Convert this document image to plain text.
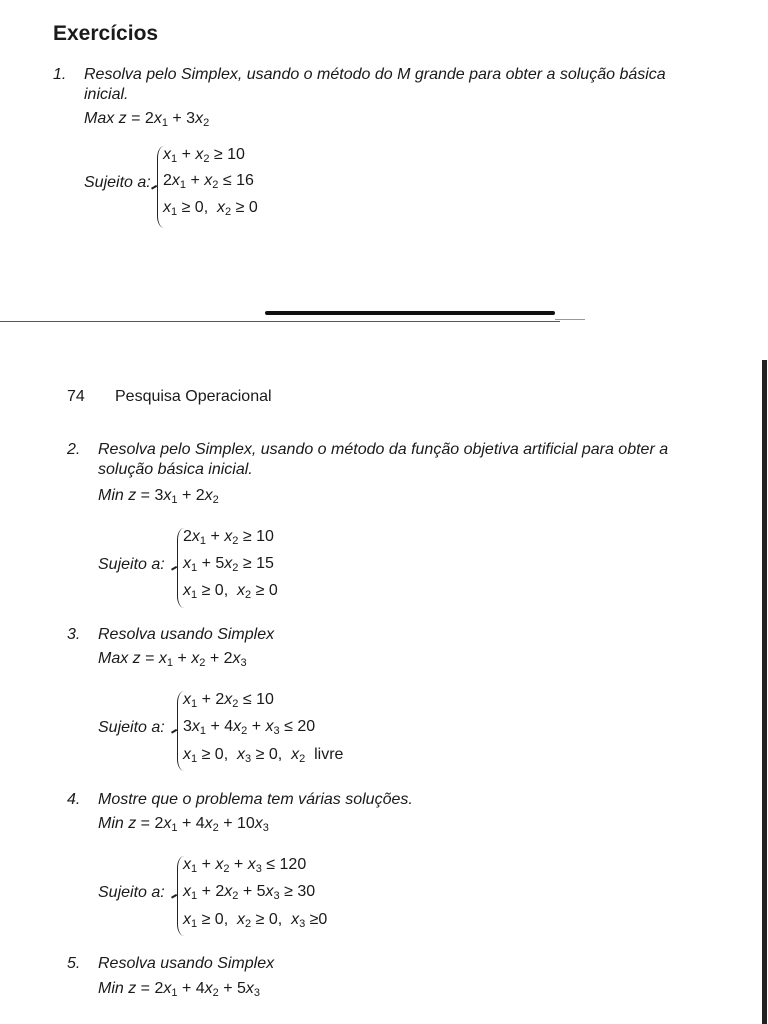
Exercícios
1. Resolva pelo Simplex, usando o método do M grande para obter a solução básica
inicial.
Max $z = 2x_1 + 3x_2$
Sujeito a:
$x_1 + x_2 \ge 10$
$2x_1 + x_2 \le 16$
$x_1 \ge 0$,  $x_2 \ge 0$
74 Pesquisa Operacional
2. Resolva pelo Simplex, usando o método da função objetiva artificial para obter a
solução básica inicial.
Min $z = 3x_1 + 2x_2$
Sujeito a:
$2x_1 + x_2 \ge 10$
$x_1 + 5x_2 \ge 15$
$x_1 \ge 0$,  $x_2 \ge 0$
3. Resolva usando Simplex
Max $z = x_1 + x_2 + 2x_3$
Sujeito a:
$x_1 + 2x_2 \le 10$
$3x_1 + 4x_2 + x_3 \le 20$
$x_1 \ge 0$,  $x_3 \ge 0$,  $x_2$  livre
4. Mostre que o problema tem várias soluções.
Min $z = 2x_1 + 4x_2 + 10x_3$
Sujeito a:
$x_1 + x_2 + x_3 \le 120$
$x_1 + 2x_2 + 5x_3 \ge 30$
$x_1 \ge 0$,  $x_2 \ge 0$,  $x_3 \ge 0$
5. Resolva usando Simplex
Min $z = 2x_1 + 4x_2 + 5x_3$
